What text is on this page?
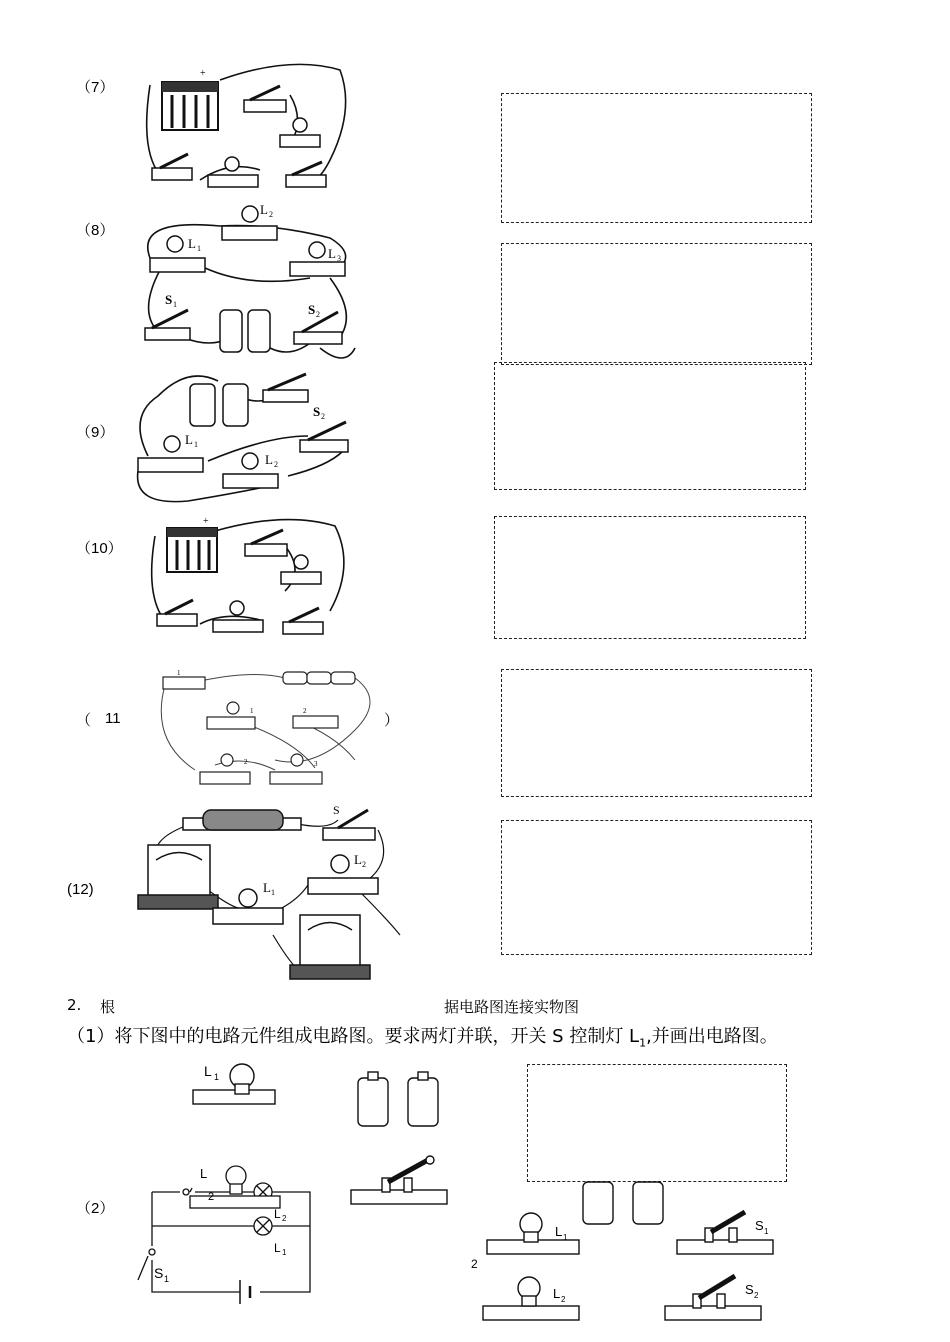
（7）
（8）
（9）
（10）
（ 11	）
(12)
+
L 1
L 2
L 3
S 1	S 2
S 2
L 1
L 2
+
1
1	2
2	3
S
L 1
L 2
2. 根	据电路图连接实物图
（1）将下图中的电路元件组成电路图。要求两灯并联，开关 S 控制灯 $L_1$,并画出电路图。
L 1
（2）
L
2
L 2
L 1
S 1
L 1
2
L 2
S 1
S 2
